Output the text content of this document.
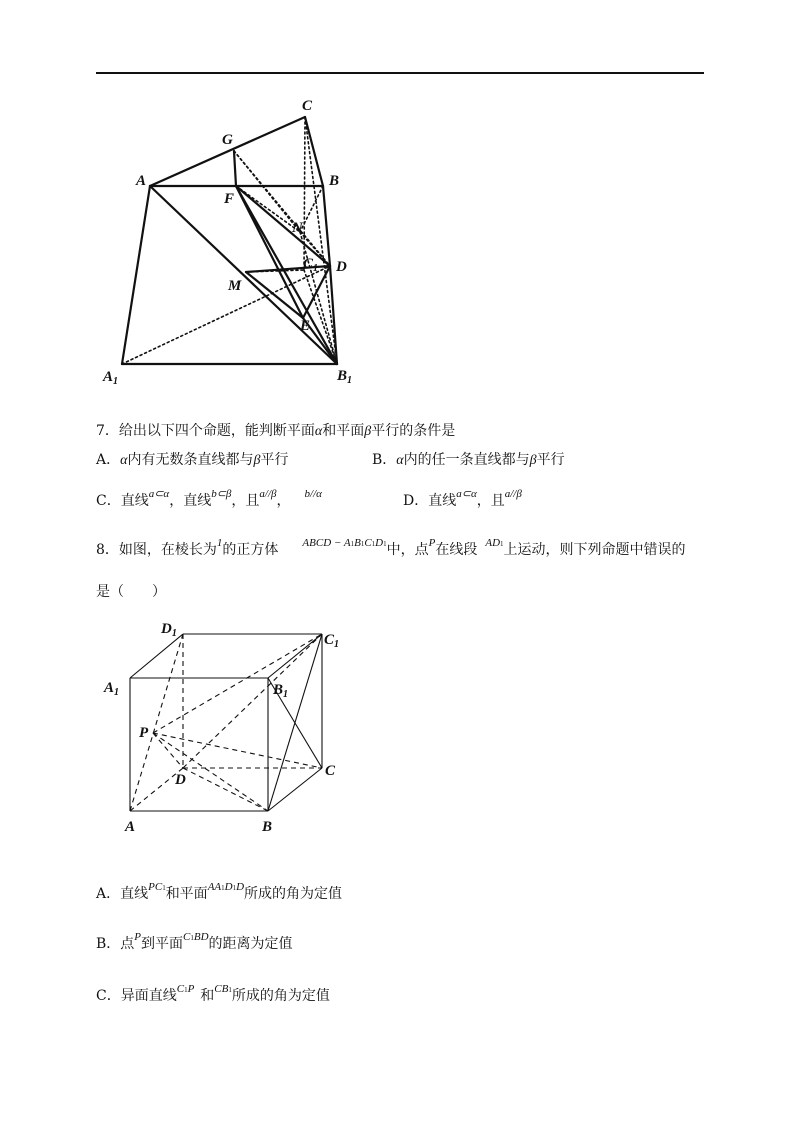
C
G
A	B
F
N
$C_1$ D
M
E
$A_1$	$B_1$
7．给出以下四个命题，能判断平面α和平面β平行的条件是
A．α内有无数条直线都与β平行	B．α内的任一条直线都与β平行
C．直线$^{a\subset\alpha}$，直线$^{b\subset\beta}$，且$^{a//\beta}$， $^{b//\alpha}$	D．直线$^{a\subset\alpha}$，且$^{a//\beta}$
8．如图，在棱长为$^1$的正方体 $^{ABCD - A1B1C1D1}$中，点$^P$在线段 $^{AD1}$上运动，则下列命题中错误的
是（　　）
$D_1$	$C_1$
$A_1$	$B_1$
P
D
C
A	B
A．直线$^{PC1}$和平面$^{AA1D1D}$所成的角为定值
B．点$^P$到平面$^{C1BD}$的距离为定值
C．异面直线$^{C1P}$ 和$^{CB1}$所成的角为定值
